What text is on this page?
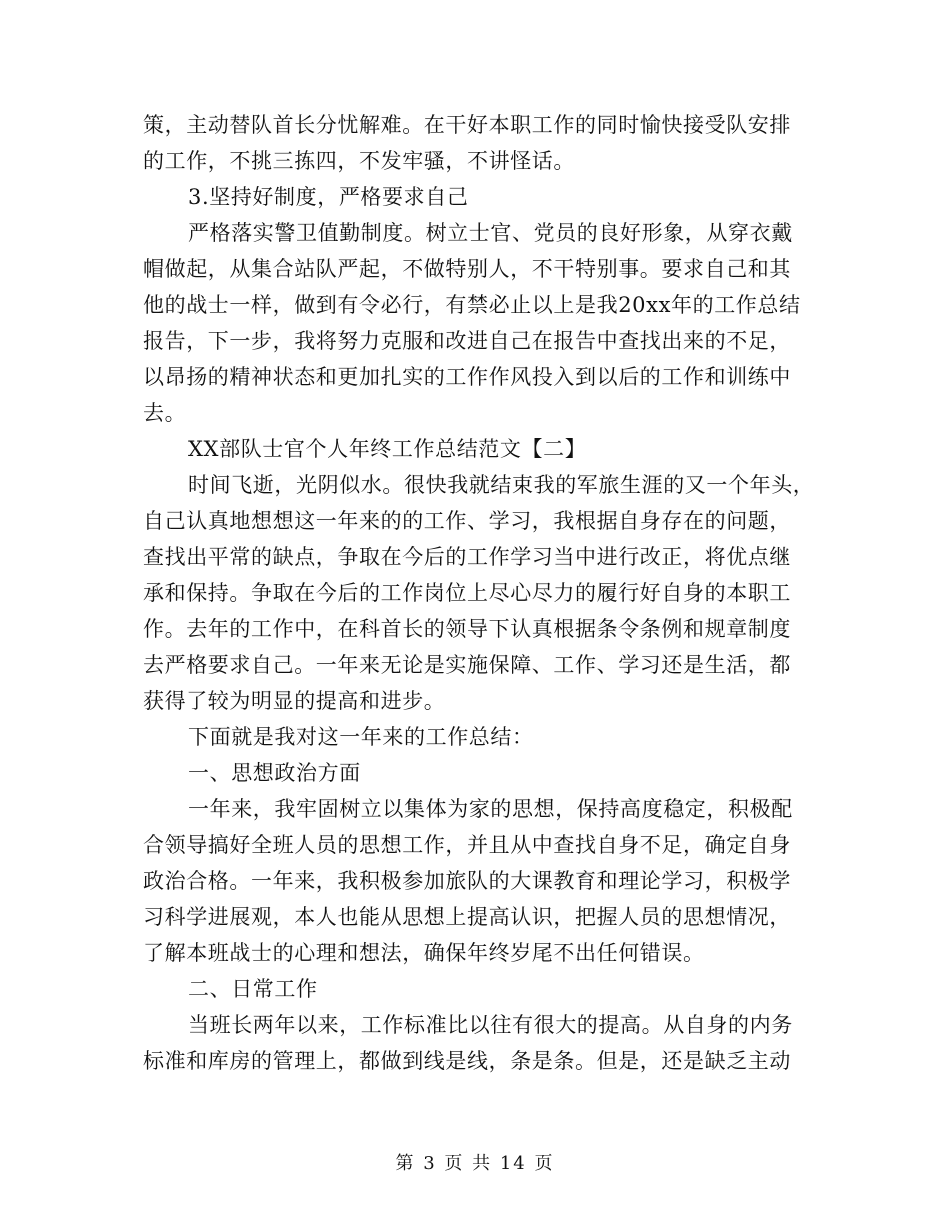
策，主动替队首长分忧解难。在干好本职工作的同时愉快接受队安排
的工作，不挑三拣四，不发牢骚，不讲怪话。
3.坚持好制度，严格要求自己
严格落实警卫值勤制度。树立士官、党员的良好形象，从穿衣戴
帽做起，从集合站队严起，不做特别人，不干特别事。要求自己和其
他的战士一样，做到有令必行，有禁必止以上是我20xx年的工作总结
报告，下一步，我将努力克服和改进自己在报告中查找出来的不足，
以昂扬的精神状态和更加扎实的工作作风投入到以后的工作和训练中
去。
XX部队士官个人年终工作总结范文【二】
时间飞逝，光阴似水。很快我就结束我的军旅生涯的又一个年头，
自己认真地想想这一年来的的工作、学习，我根据自身存在的问题，
查找出平常的缺点，争取在今后的工作学习当中进行改正，将优点继
承和保持。争取在今后的工作岗位上尽心尽力的履行好自身的本职工
作。去年的工作中，在科首长的领导下认真根据条令条例和规章制度
去严格要求自己。一年来无论是实施保障、工作、学习还是生活，都
获得了较为明显的提高和进步。
下面就是我对这一年来的工作总结：
一、思想政治方面
一年来，我牢固树立以集体为家的思想，保持高度稳定，积极配
合领导搞好全班人员的思想工作，并且从中查找自身不足，确定自身
政治合格。一年来，我积极参加旅队的大课教育和理论学习，积极学
习科学进展观，本人也能从思想上提高认识，把握人员的思想情况，
了解本班战士的心理和想法，确保年终岁尾不出任何错误。
二、日常工作
当班长两年以来，工作标准比以往有很大的提高。从自身的内务
标准和库房的管理上，都做到线是线，条是条。但是，还是缺乏主动
第 3 页 共 14 页
